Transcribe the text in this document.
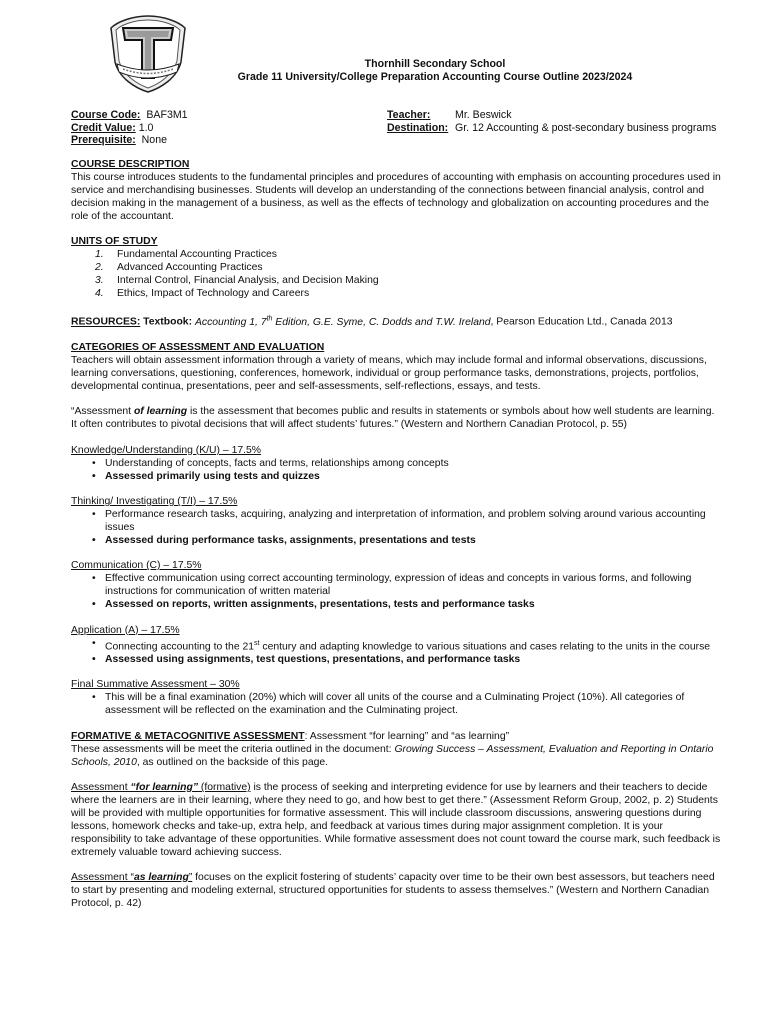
Thornhill Secondary School
Grade 11 University/College Preparation Accounting Course Outline 2023/2024
Course Code: BAF3M1
Credit Value: 1.0
Prerequisite: None
Teacher: Mr. Beswick
Destination: Gr. 12 Accounting & post-secondary business programs
COURSE DESCRIPTION

This course introduces students to the fundamental principles and procedures of accounting with emphasis on accounting procedures used in service and merchandising businesses. Students will develop an understanding of the connections between financial analysis, control and decision making in the management of a business, as well as the effects of technology and globalization on accounting procedures and the role of the accountant.

UNITS OF STUDY
1. Fundamental Accounting Practices
2. Advanced Accounting Practices
3. Internal Control, Financial Analysis, and Decision Making
4. Ethics, Impact of Technology and Careers

RESOURCES: Textbook: Accounting 1, 7th Edition, G.E. Syme, C. Dodds and T.W. Ireland, Pearson Education Ltd., Canada 2013

CATEGORIES OF ASSESSMENT AND EVALUATION

Teachers will obtain assessment information through a variety of means, which may include formal and informal observations, discussions, learning conversations, questioning, conferences, homework, individual or group performance tasks, demonstrations, projects, portfolios, developmental continua, presentations, peer and self-assessments, self-reflections, essays, and tests.

“Assessment of learning is the assessment that becomes public and results in statements or symbols about how well students are learning. It often contributes to pivotal decisions that will affect students’ futures.” (Western and Northern Canadian Protocol, p. 55)

Knowledge/Understanding (K/U) – 17.5%
• Understanding of concepts, facts and terms, relationships among concepts
• Assessed primarily using tests and quizzes
Thinking/ Investigating (T/I) – 17.5%
• Performance research tasks, acquiring, analyzing and interpretation of information, and problem solving around various accounting issues
• Assessed during performance tasks, assignments, presentations and tests
Communication (C) – 17.5%
• Effective communication using correct accounting terminology, expression of ideas and concepts in various forms, and following instructions for communication of written material
• Assessed on reports, written assignments, presentations, tests and performance tasks
Application (A) – 17.5%
• Connecting accounting to the 21st century and adapting knowledge to various situations and cases relating to the units in the course
• Assessed using assignments, test questions, presentations, and performance tasks
Final Summative Assessment – 30%
• This will be a final examination (20%) which will cover all units of the course and a Culminating Project (10%). All categories of assessment will be reflected on the examination and the Culminating project.

FORMATIVE & METACOGNITIVE ASSESSMENT: Assessment “for learning” and “as learning”

These assessments will be meet the criteria outlined in the document: Growing Success – Assessment, Evaluation and Reporting in Ontario Schools, 2010, as outlined on the backside of this page.

Assessment “for learning” (formative) is the process of seeking and interpreting evidence for use by learners and their teachers to decide where the learners are in their learning, where they need to go, and how best to get there.” (Assessment Reform Group, 2002, p. 2) Students will be provided with multiple opportunities for formative assessment. This will include classroom discussions, answering questions during lessons, homework checks and take-up, extra help, and feedback at various times during major assignment completion. It is your responsibility to take advantage of these opportunities. While formative assessment does not count toward the course mark, such feedback is extremely valuable toward achieving success.

Assessment “as learning” focuses on the explicit fostering of students’ capacity over time to be their own best assessors, but teachers need to start by presenting and modeling external, structured opportunities for students to assess themselves.” (Western and Northern Canadian Protocol, p. 42)
